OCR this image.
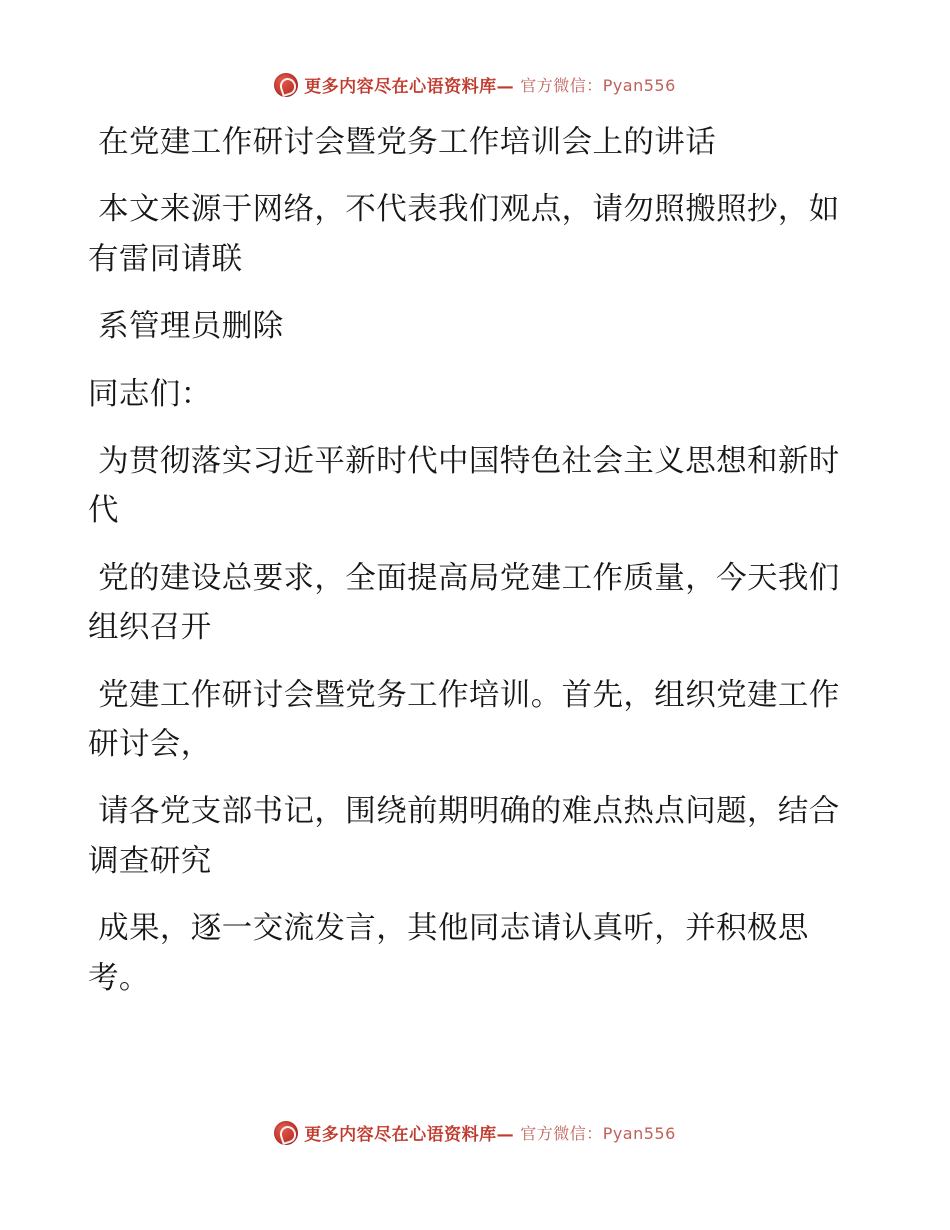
更多内容尽在心语资料库— 官方微信：Pyan556

在党建工作研讨会暨党务工作培训会上的讲话

本文来源于网络，不代表我们观点，请勿照搬照抄，如有雷同请联

系管理员删除

同志们：

为贯彻落实习近平新时代中国特色社会主义思想和新时代

党的建设总要求，全面提高局党建工作质量，今天我们组织召开

党建工作研讨会暨党务工作培训。首先，组织党建工作研讨会，

请各党支部书记，围绕前期明确的难点热点问题，结合调查研究

成果，逐一交流发言，其他同志请认真听，并积极思考。

更多内容尽在心语资料库— 官方微信：Pyan556
